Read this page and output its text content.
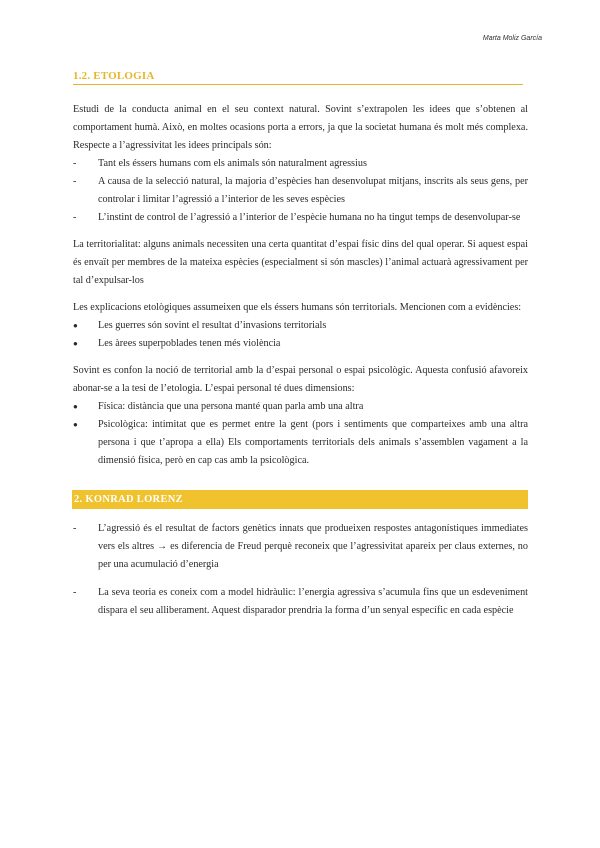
Marta Moliz García
1.2. ETOLOGIA

Estudi de la conducta animal en el seu context natural. Sovint s’extrapolen les idees que s’obtenen al comportament humà. Això, en moltes ocasions porta a errors, ja que la societat humana és molt més complexa. Respecte a l’agressivitat les idees principals són:

-	Tant els éssers humans com els animals són naturalment agressius
-	A causa de la selecció natural, la majoria d’espècies han desenvolupat mitjans, inscrits als seus gens, per controlar i limitar l’agressió a l’interior de les seves espècies
-	L’instint de control de l’agressió a l’interior de l’espècie humana no ha tingut temps de desenvolupar-se

La territorialitat: alguns animals necessiten una certa quantitat d’espai físic dins del qual operar. Si aquest espai és envaït per membres de la mateixa espècies (especialment si són mascles) l’animal actuarà agressivament per tal d’expulsar-los

Les explicacions etològiques assumeixen que els éssers humans són territorials. Mencionen com a evidències:

●	Les guerres són sovint el resultat d’invasions territorials
●	Les àrees superpoblades tenen més violència

Sovint es confon la noció de territorial amb la d’espai personal o espai psicològic. Aquesta confusió afavoreix abonar-se a la tesi de l’etologia. L’espai personal té dues dimensions:

●	Física: distància que una persona manté quan parla amb una altra
●	Psicològica: intimitat que es permet entre la gent (pors i sentiments que comparteixes amb una altra persona i que t’apropa a ella) Els comportaments territorials dels animals s’assemblen vagament a la dimensió física, però en cap cas amb la psicològica.
2. KONRAD LORENZ
-	L’agressió és el resultat de factors genètics innats que produeixen respostes antagonístiques immediates vers els altres → es diferencia de Freud perquè reconeix que l’agressivitat apareix per claus externes, no per una acumulació d’energia
-	La seva teoria es coneix com a model hidràulic: l’energia agressiva s’acumula fins que un esdeveniment dispara el seu alliberament. Aquest disparador prendria la forma d’un senyal específic en cada espècie
